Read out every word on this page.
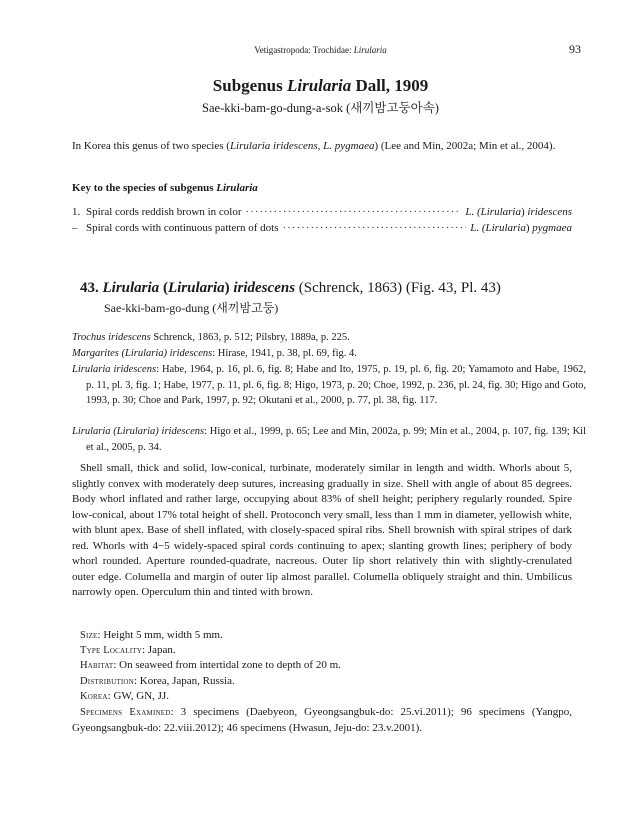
Vetigastropoda: Trochidae: Lirularia	93
Subgenus Lirularia Dall, 1909
Sae-kki-bam-go-dung-a-sok (새끼밤고둥아속)
In Korea this genus of two species (Lirularia iridescens, L. pygmaea) (Lee and Min, 2002a; Min et al., 2004).
Key to the species of subgenus Lirularia
1. Spiral cords reddish brown in color ·····	L. (Lirularia) iridescens
– Spiral cords with continuous pattern of dots ·····	L. (Lirularia) pygmaea
43. Lirularia (Lirularia) iridescens (Schrenck, 1863) (Fig. 43, Pl. 43)
Sae-kki-bam-go-dung (새끼밤고둥)
Trochus iridescens Schrenck, 1863, p. 512; Pilsbry, 1889a, p. 225.
Margarites (Lirularia) iridescens: Hirase, 1941, p. 38, pl. 69, fig. 4.
Lirularia iridescens: Habe, 1964, p. 16, pl. 6, fig. 8; Habe and Ito, 1975, p. 19, pl. 6, fig. 20; Yamamoto and Habe, 1962, p. 11, pl. 3, fig. 1; Habe, 1977, p. 11, pl. 6, fig. 8; Higo, 1973, p. 20; Choe, 1992, p. 236, pl. 24, fig. 30; Higo and Goto, 1993, p. 30; Choe and Park, 1997, p. 92; Okutani et al., 2000, p. 77, pl. 38, fig. 117.
Lirularia (Lirularia) iridescens: Higo et al., 1999, p. 65; Lee and Min, 2002a, p. 99; Min et al., 2004, p. 107, fig. 139; Kil et al., 2005, p. 34.
Shell small, thick and solid, low-conical, turbinate, moderately similar in length and width. Whorls about 5, slightly convex with moderately deep sutures, increasing gradually in size. Shell with angle of about 85 degrees. Body whorl inflated and rather large, occupying about 83% of shell height; periphery regularly rounded. Spire low-conical, about 17% total height of shell. Protoconch very small, less than 1 mm in diameter, yellowish white, with blunt apex. Base of shell inflated, with closely-spaced spiral ribs. Shell brownish with spiral stripes of dark red. Whorls with 4−5 widely-spaced spiral cords continuing to apex; slanting growth lines; periphery of body whorl rounded. Aperture rounded-quadrate, nacreous. Outer lip short relatively thin with slightly-crenulated outer edge. Columella and margin of outer lip almost parallel. Columella obliquely straight and thin. Umbilicus narrowly open. Operculum thin and tinted with brown.
Size: Height 5 mm, width 5 mm.
Type Locality: Japan.
Habitat: On seaweed from intertidal zone to depth of 20 m.
Distribution: Korea, Japan, Russia.
Korea: GW, GN, JJ.
Specimens Examined: 3 specimens (Daebyeon, Gyeongsangbuk-do: 25.vi.2011); 96 specimens (Yangpo, Gyeongsangbuk-do: 22.viii.2012); 46 specimens (Hwasun, Jeju-do: 23.v.2001).
